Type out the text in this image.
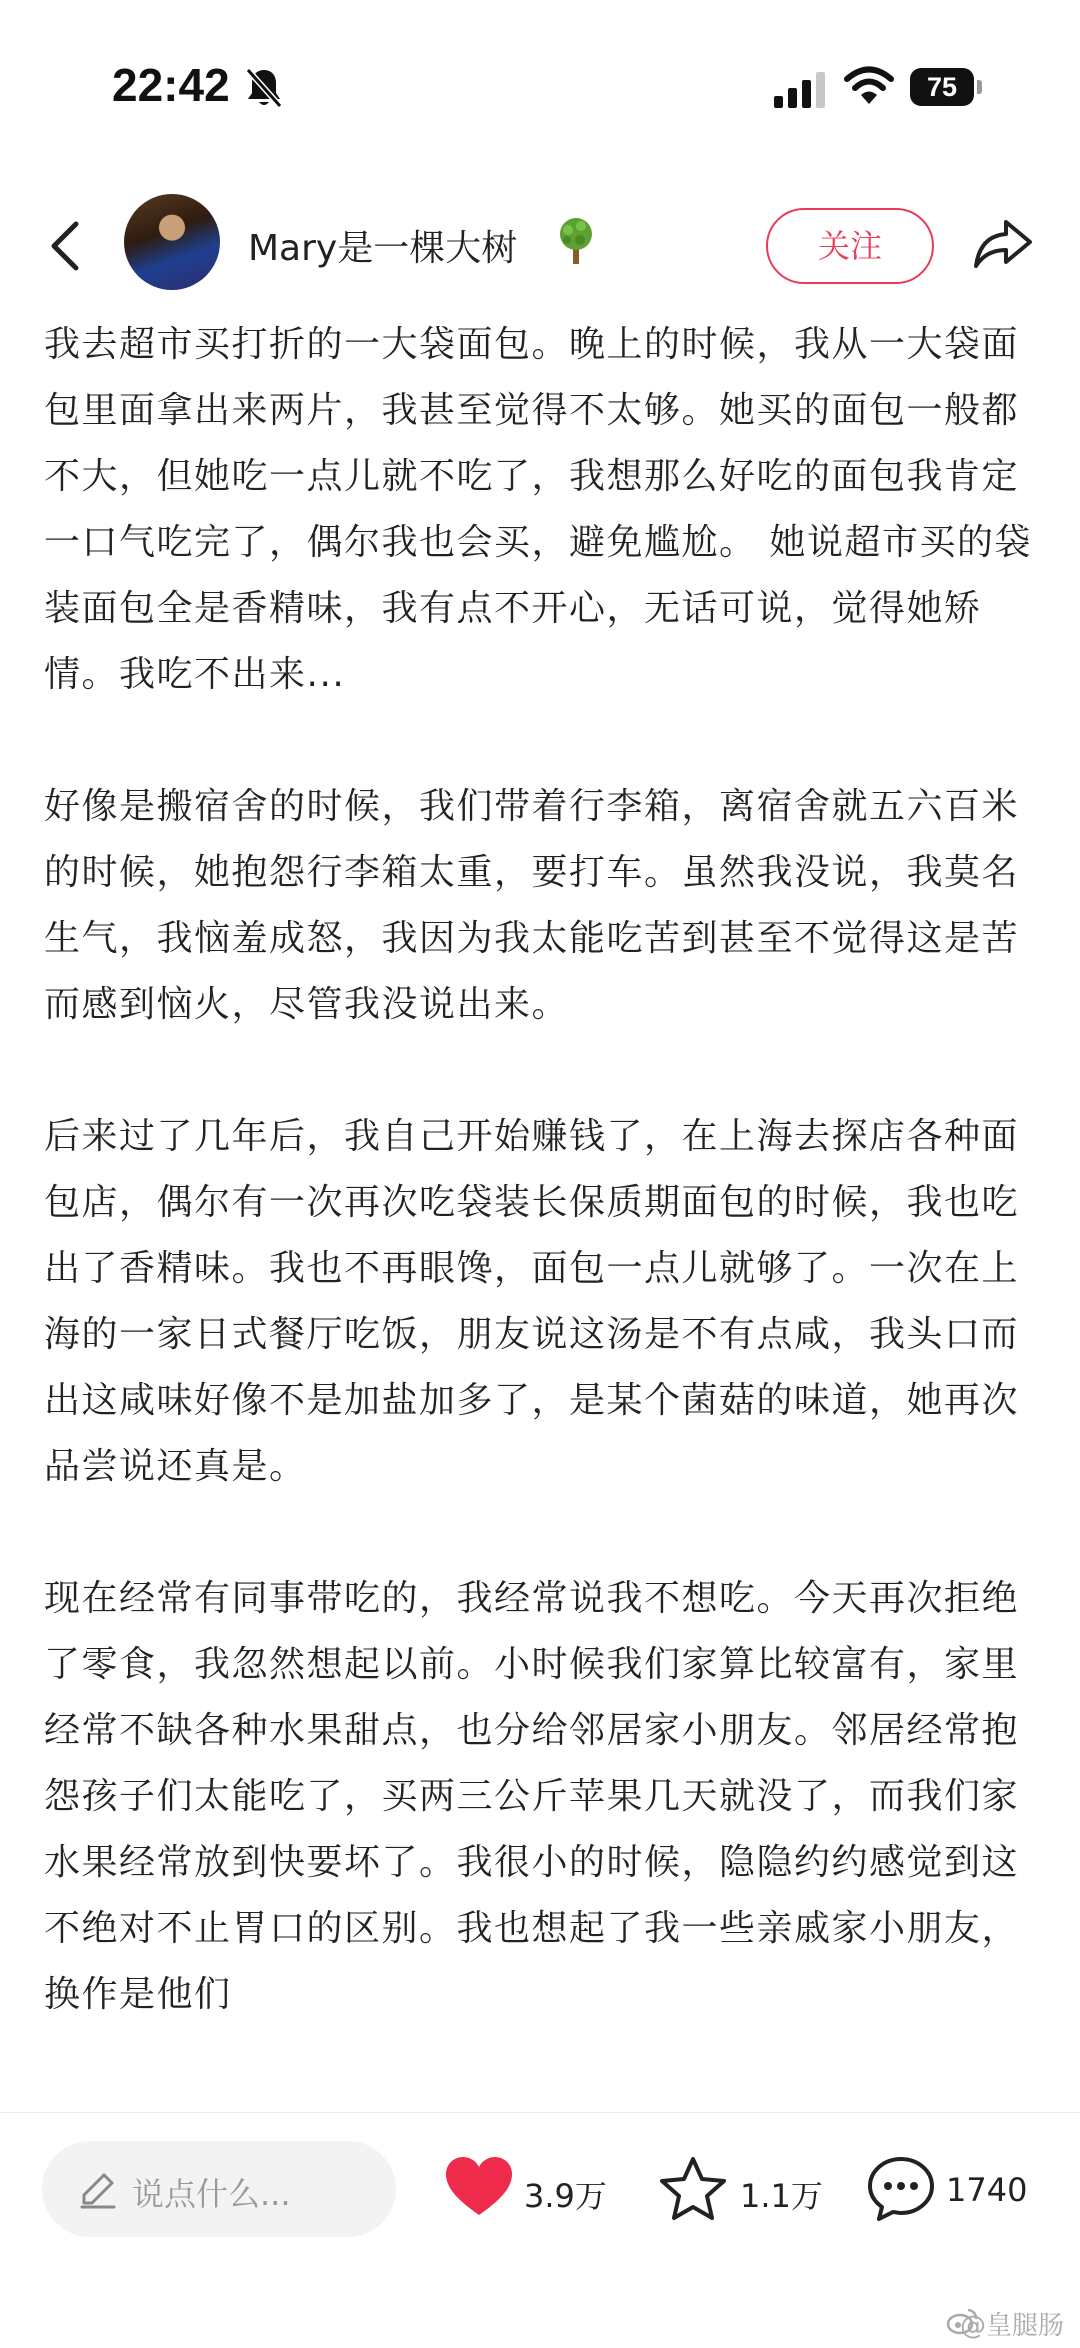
22:42	75
Mary是一棵大树	关注

我去超市买打折的一大袋面包。晚上的时候，我从一大袋面包里面拿出来两片，我甚至觉得不太够。她买的面包一般都不大，但她吃一点儿就不吃了，我想那么好吃的面包我肯定一口气吃完了，偶尔我也会买，避免尴尬。 她说超市买的袋装面包全是香精味，我有点不开心，无话可说，觉得她矫情。我吃不出来...

好像是搬宿舍的时候，我们带着行李箱，离宿舍就五六百米的时候，她抱怨行李箱太重，要打车。虽然我没说，我莫名生气，我恼羞成怒，我因为我太能吃苦到甚至不觉得这是苦而感到恼火，尽管我没说出来。

后来过了几年后，我自己开始赚钱了，在上海去探店各种面包店，偶尔有一次再次吃袋装长保质期面包的时候，我也吃出了香精味。我也不再眼馋，面包一点儿就够了。一次在上海的一家日式餐厅吃饭，朋友说这汤是不有点咸，我头口而出这咸味好像不是加盐加多了，是某个菌菇的味道，她再次品尝说还真是。

现在经常有同事带吃的，我经常说我不想吃。今天再次拒绝了零食，我忽然想起以前。小时候我们家算比较富有，家里经常不缺各种水果甜点，也分给邻居家小朋友。邻居经常抱怨孩子们太能吃了，买两三公斤苹果几天就没了，而我们家水果经常放到快要坏了。我很小的时候，隐隐约约感觉到这不绝对不止胃口的区别。我也想起了我一些亲戚家小朋友，换作是他们

说点什么...	3.9万	1.1万	1740
@皇腿肠
